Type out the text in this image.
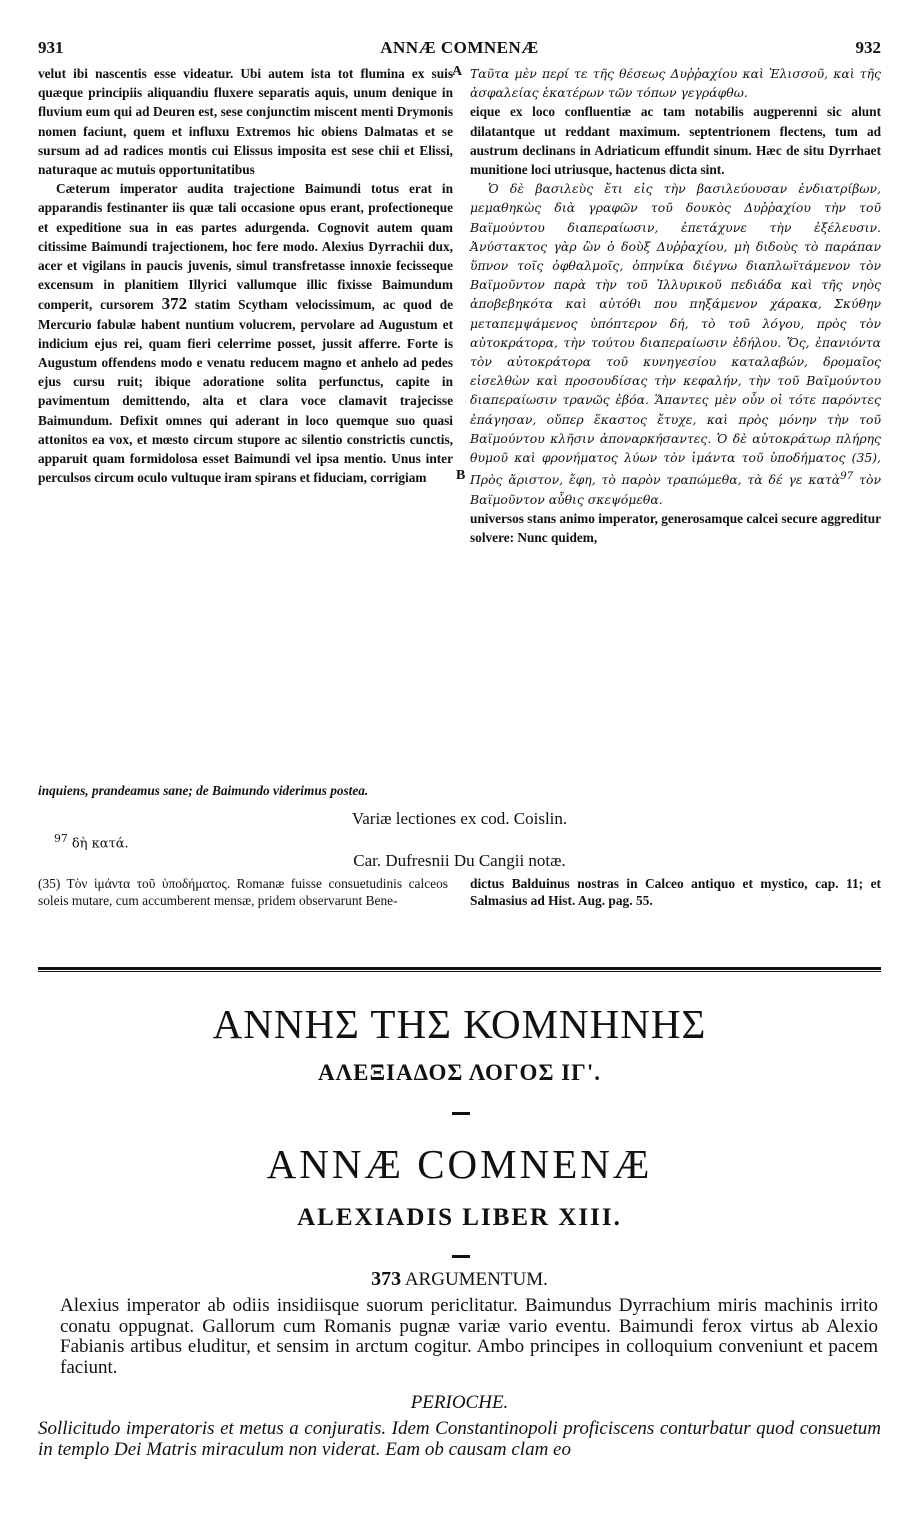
931	ANNÆ COMNENÆ	932

velut ibi nascentis esse videatur. Ubi autem ista tot flumina ex suis quæque principiis aliquandiu fluxere separatis aquis, unum denique in fluvium eum qui ad Deuren est, sese conjunctim miscent menti Drymonis nomen faciunt, quem et influxu Extremos hic obiens Dalmatas et se sursum ad ad radices montis cui Elissus imposita est sese chii et Elissi, naturaque ac mutuis opportunitatibus

Cæterum imperator audita trajectione Baimundi totus erat in apparandis festinanter iis quæ tali occasione opus erant, profectioneque et expeditione sua in eas partes adurgenda. Cognovit autem quam citissime Baimundi trajectionem, hoc fere modo. Alexius Dyrrachii dux, acer et vigilans in paucis juvenis, simul transfretasse innoxie fecisseque excensum in planitiem Illyrici vallumque illic fixisse Baimundum comperit, cursorem 372 statim Scytham velocissimum, ac quod de Mercurio fabulæ habent nuntium volucrem, pervolare ad Augustum et indicium ejus rei, quam fieri celerrime posset, jussit afferre. Forte is Augustum offendens modo e venatu reducem magno et anhelo ad pedes ejus cursu ruit; ibique adoratione solita perfunctus, capite in pavimentum demittendo, alta et clara voce clamavit trajecisse Baimundum. Defixit omnes qui aderant in loco quemque suo quasi attonitos ea vox, et mœsto circum stupore ac silentio constrictis cunctis, apparuit quam formidolosa esset Baimundi vel ipsa mentio. Unus inter perculsos circum oculo vultuque iram spirans et fiduciam, corrigiam

A
B

Ταῦτα μὲν περί τε τῆς θέσεως Δυῤῥαχίου καὶ Ἐλισσοῦ, καὶ τῆς ἀσφαλείας ἑκατέρων τῶν τόπων γεγράφθω.

eique ex loco confluentiæ ac tam notabilis augperenni sic alunt dilatantque ut reddant maximum. septentrionem flectens, tum ad austrum declinans in Adriaticum effundit sinum. Hæc de situ Dyrrhaet munitione loci utriusque, hactenus dicta sint.

Ὁ δὲ βασιλεὺς ἔτι εἰς τὴν βασιλεύουσαν ἐνδιατρίβων, μεμαθηκὼς διὰ γραφῶν τοῦ δουκὸς Δυῤῥαχίου τὴν τοῦ Βαϊμούντου διαπεραίωσιν, ἐπετάχυνε τὴν ἐξέλευσιν. Ἀνύστακτος γὰρ ὢν ὁ δοὺξ Δυῤῥαχίου, μὴ διδοὺς τὸ παράπαν ὕπνον τοῖς ὀφθαλμοῖς, ὁπηνίκα διέγνω διαπλωϊτάμενον τὸν Βαϊμοῦντον παρὰ τὴν τοῦ Ἰλλυρικοῦ πεδιάδα καὶ τῆς νηὸς ἀποβεβηκότα καὶ αὐτόθι που πηξάμενον χάρακα, Σκύθην μεταπεμψάμενος ὑπόπτερον δή, τὸ τοῦ λόγου, πρὸς τὸν αὐτοκράτορα, τὴν τούτου διαπεραίωσιν ἐδήλου. Ὅς, ἐπανιόντα τὸν αὐτοκράτορα τοῦ κυνηγεσίου καταλαβών, δρομαῖος εἰσελθὼν καὶ προσουδίσας τὴν κεφαλήν, τὴν τοῦ Βαϊμούντου διαπεραίωσιν τρανῶς ἐβόα. Ἅπαντες μὲν οὖν οἱ τότε παρόντες ἐπάγησαν, οὔπερ ἕκαστος ἔτυχε, καὶ πρὸς μόνην τὴν τοῦ Βαϊμούντου κλῆσιν ἀποναρκήσαντες. Ὁ δὲ αὐτοκράτωρ πλήρης θυμοῦ καὶ φρονήματος λύων τὸν ἱμάντα τοῦ ὑποδήματος (35), Πρὸς ἄριστον, ἔφη, τὸ παρὸν τραπώμεθα, τὰ δέ γε κατὰ$^{97}$ τὸν Βαϊμοῦντον αὖθις σκεψόμεθα.

universos stans animo imperator, generosamque calcei secure aggreditur solvere: Nunc quidem,

inquiens, prandeamus sane; de Baimundo viderimus postea.
Variæ lectiones ex cod. Coislin.
$^{97}$ δὴ κατά.
Car. Dufresnii Du Cangii notæ.
(35) Τὸν ἱμάντα τοῦ ὑποδήματος. Romanæ fuisse consuetudinis calceos soleis mutare, cum accumberent mensæ, pridem observarunt Bene-
dictus Balduinus nostras in Calceo antiquo et mystico, cap. 11; et Salmasius ad Hist. Aug. pag. 55.
ΑΝΝΗΣ ΤΗΣ ΚΟΜΝΗΝΗΣ
ΑΛΕΞΙΑΔΟΣ ΛΟΓΟΣ ΙΓ'.
ANNÆ COMNENÆ
ALEXIADIS LIBER XIII.
373 ARGUMENTUM.
Alexius imperator ab odiis insidiisque suorum periclitatur. Baimundus Dyrrachium miris machinis irrito conatu oppugnat. Gallorum cum Romanis pugnæ variæ vario eventu. Baimundi ferox virtus ab Alexio Fabianis artibus eluditur, et sensim in arctum cogitur. Ambo principes in colloquium conveniunt et pacem faciunt.
PERIOCHE.
Sollicitudo imperatoris et metus a conjuratis. Idem Constantinopoli proficiscens conturbatur quod consuetum in templo Dei Matris miraculum non viderat. Eam ob causam clam eo
